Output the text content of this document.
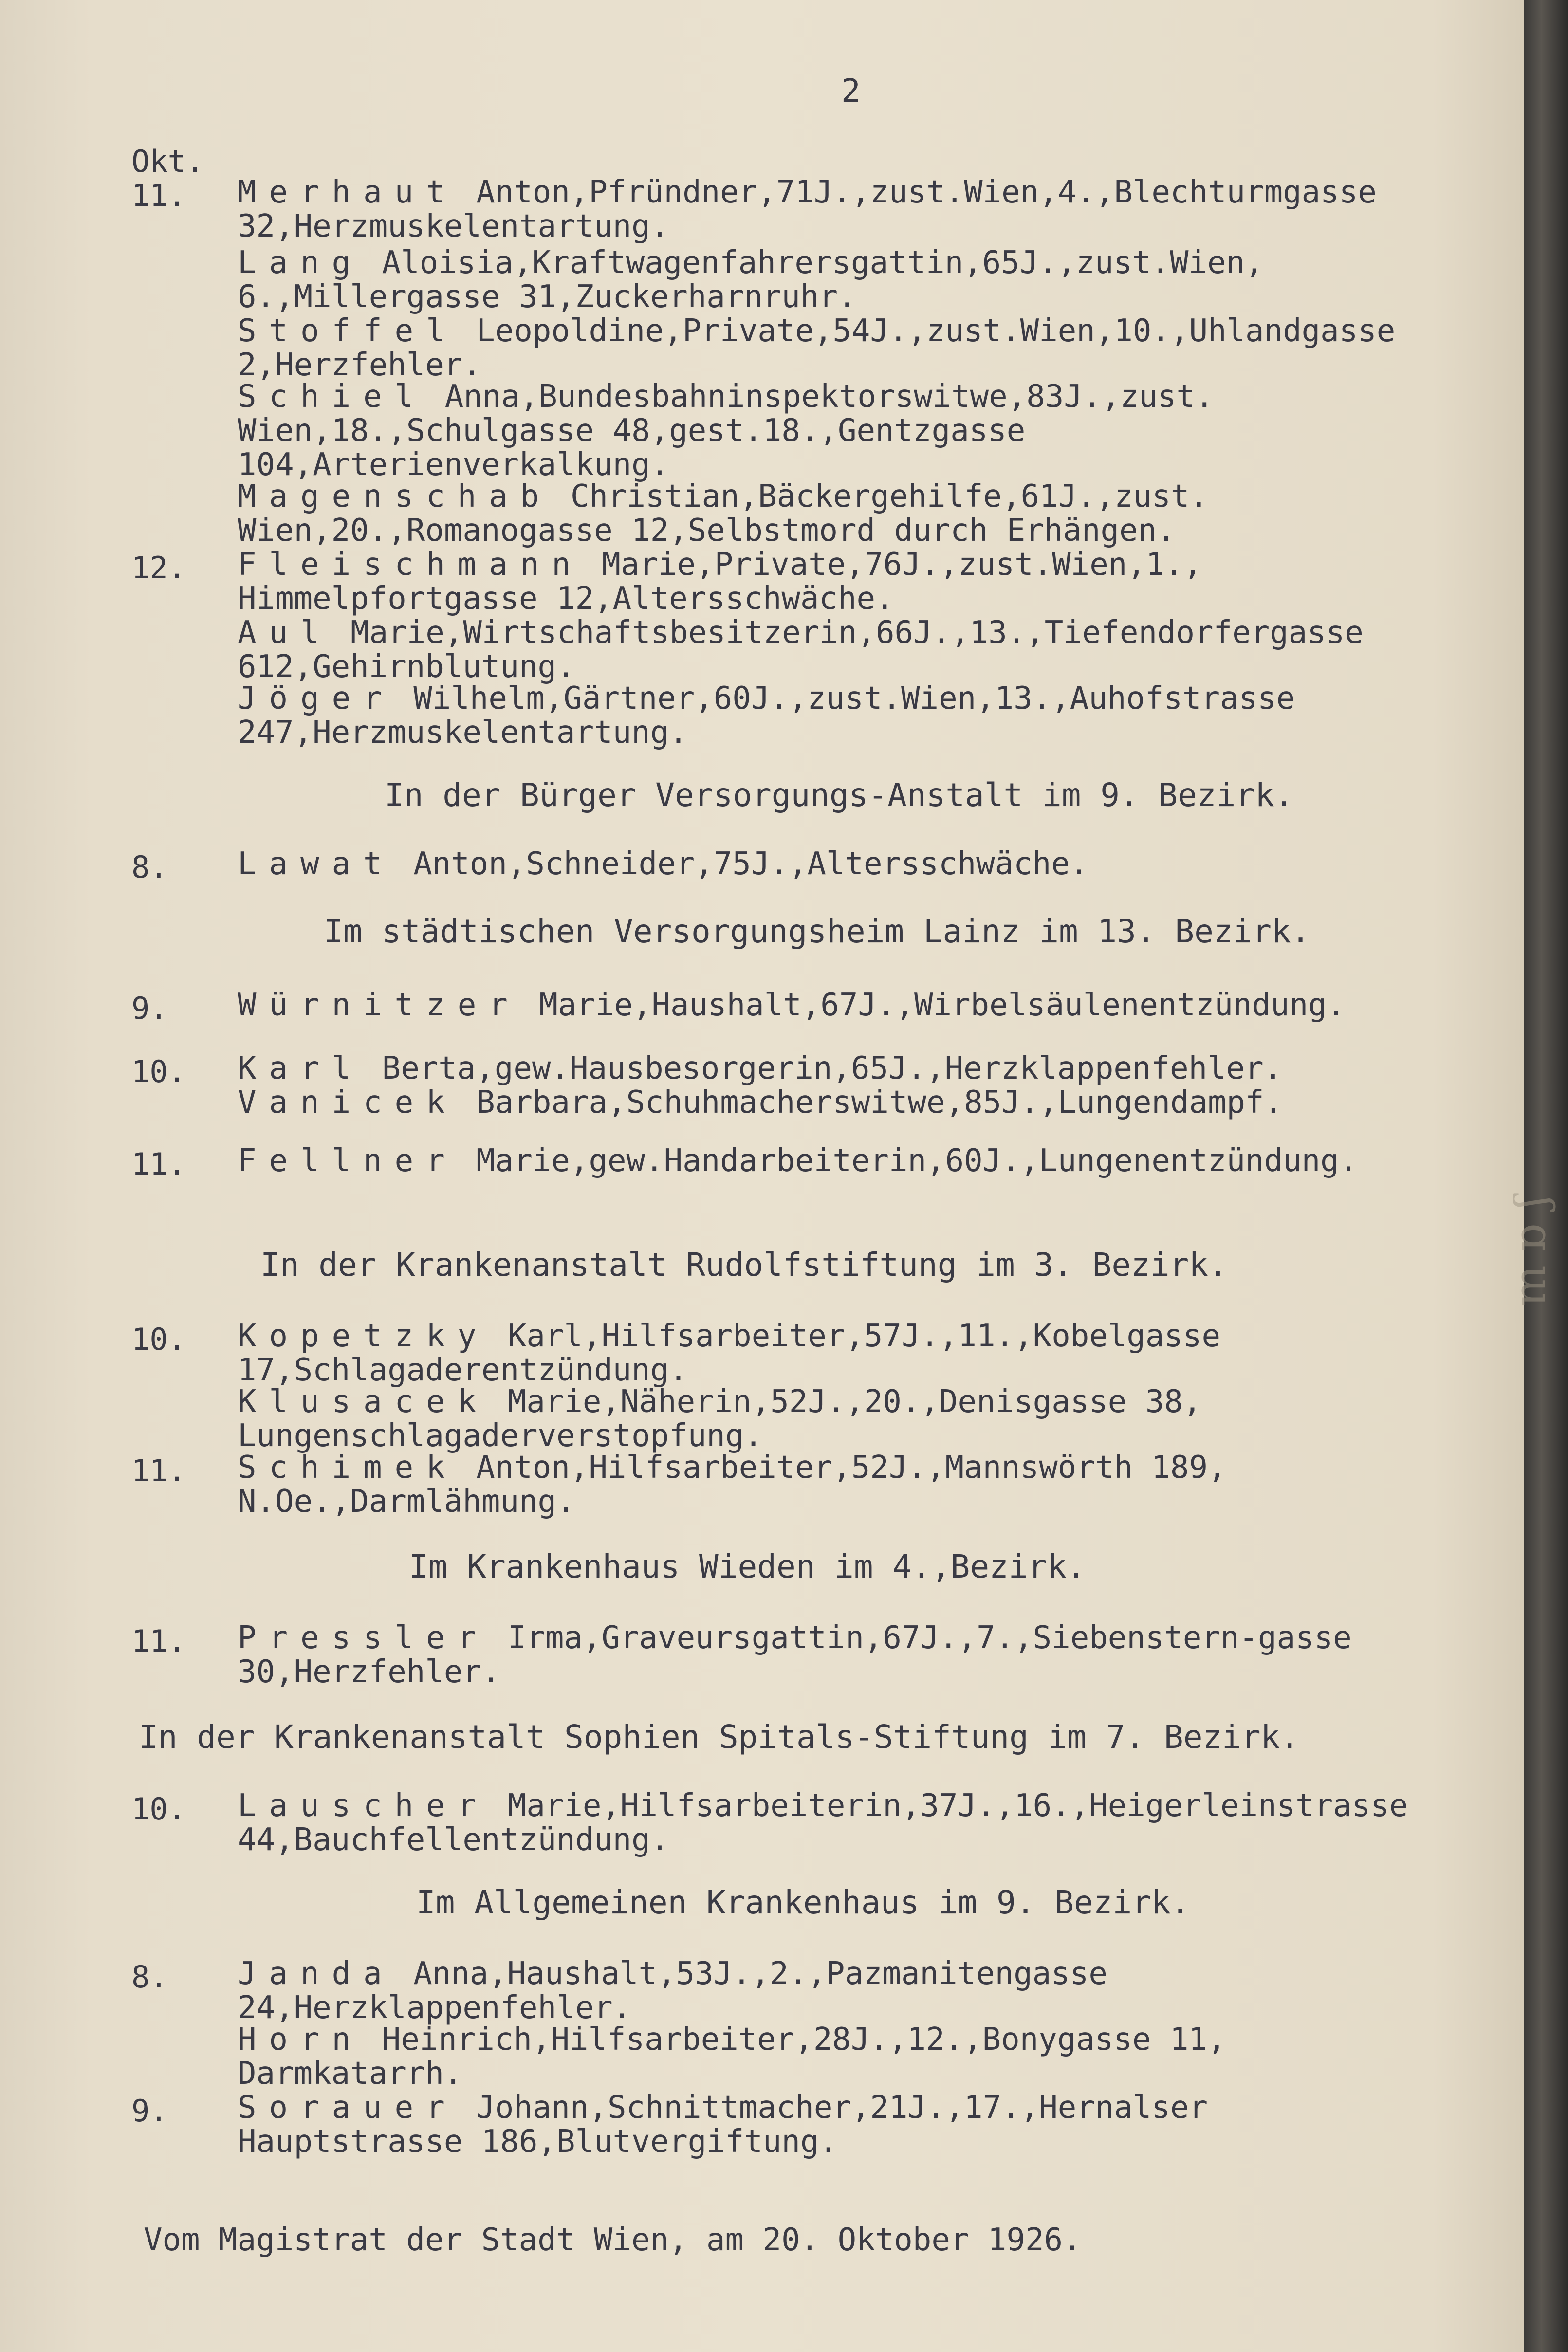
ʃ ɑ ɯ
2
Okt.
11.	Merhaut Anton,Pfründner,71J.,zust.Wien,4.,Blechturmgasse 32,Herzmuskelentartung.
Lang Aloisia,Kraftwagenfahrersgattin,65J.,zust.Wien, 6.,Millergasse 31,Zuckerharnruhr.
Stoffel Leopoldine,Private,54J.,zust.Wien,10.,Uhlandgasse 2,Herzfehler.
Schiel Anna,Bundesbahninspektorswitwe,83J.,zust. Wien,18.,Schulgasse 48,gest.18.,Gentzgasse 104,Arterienverkalkung.
Magenschab Christian,Bäckergehilfe,61J.,zust. Wien,20.,Romanogasse 12,Selbstmord durch Erhängen.
12.	Fleischmann Marie,Private,76J.,zust.Wien,1., Himmelpfortgasse 12,Altersschwäche.
Aul Marie,Wirtschaftsbesitzerin,66J.,13.,Tiefendorfergasse 612,Gehirnblutung.
Jöger Wilhelm,Gärtner,60J.,zust.Wien,13.,Auhofstrasse 247,Herzmuskelentartung.
In der Bürger Versorgungs-Anstalt im 9. Bezirk.
8.	Lawat Anton,Schneider,75J.,Altersschwäche.
Im städtischen Versorgungsheim Lainz im 13. Bezirk.
9.	Würnitzer Marie,Haushalt,67J.,Wirbelsäulenentzündung.
10.	Karl Berta,gew.Hausbesorgerin,65J.,Herzklappenfehler.
Vanicek Barbara,Schuhmacherswitwe,85J.,Lungendampf.
11.	Fellner Marie,gew.Handarbeiterin,60J.,Lungenentzündung.
In der Krankenanstalt Rudolfstiftung im 3. Bezirk.
10.	Kopetzky Karl,Hilfsarbeiter,57J.,11.,Kobelgasse 17,Schlagaderentzündung.
Klusacek Marie,Näherin,52J.,20.,Denisgasse 38, Lungenschlagaderverstopfung.
11.	Schimek Anton,Hilfsarbeiter,52J.,Mannswörth 189, N.Oe.,Darmlähmung.
Im Krankenhaus Wieden im 4.,Bezirk.
11.	Pressler Irma,Graveursgattin,67J.,7.,Siebenstern-gasse 30,Herzfehler.
In der Krankenanstalt Sophien Spitals-Stiftung im 7. Bezirk.
10.	Lauscher Marie,Hilfsarbeiterin,37J.,16.,Heigerleinstrasse 44,Bauchfellentzündung.
Im Allgemeinen Krankenhaus im 9. Bezirk.
8.	Janda Anna,Haushalt,53J.,2.,Pazmanitengasse 24,Herzklappenfehler.
Horn Heinrich,Hilfsarbeiter,28J.,12.,Bonygasse 11, Darmkatarrh.
9.	Sorauer Johann,Schnittmacher,21J.,17.,Hernalser Hauptstrasse 186,Blutvergiftung.
Vom Magistrat der Stadt Wien, am 20. Oktober 1926.
